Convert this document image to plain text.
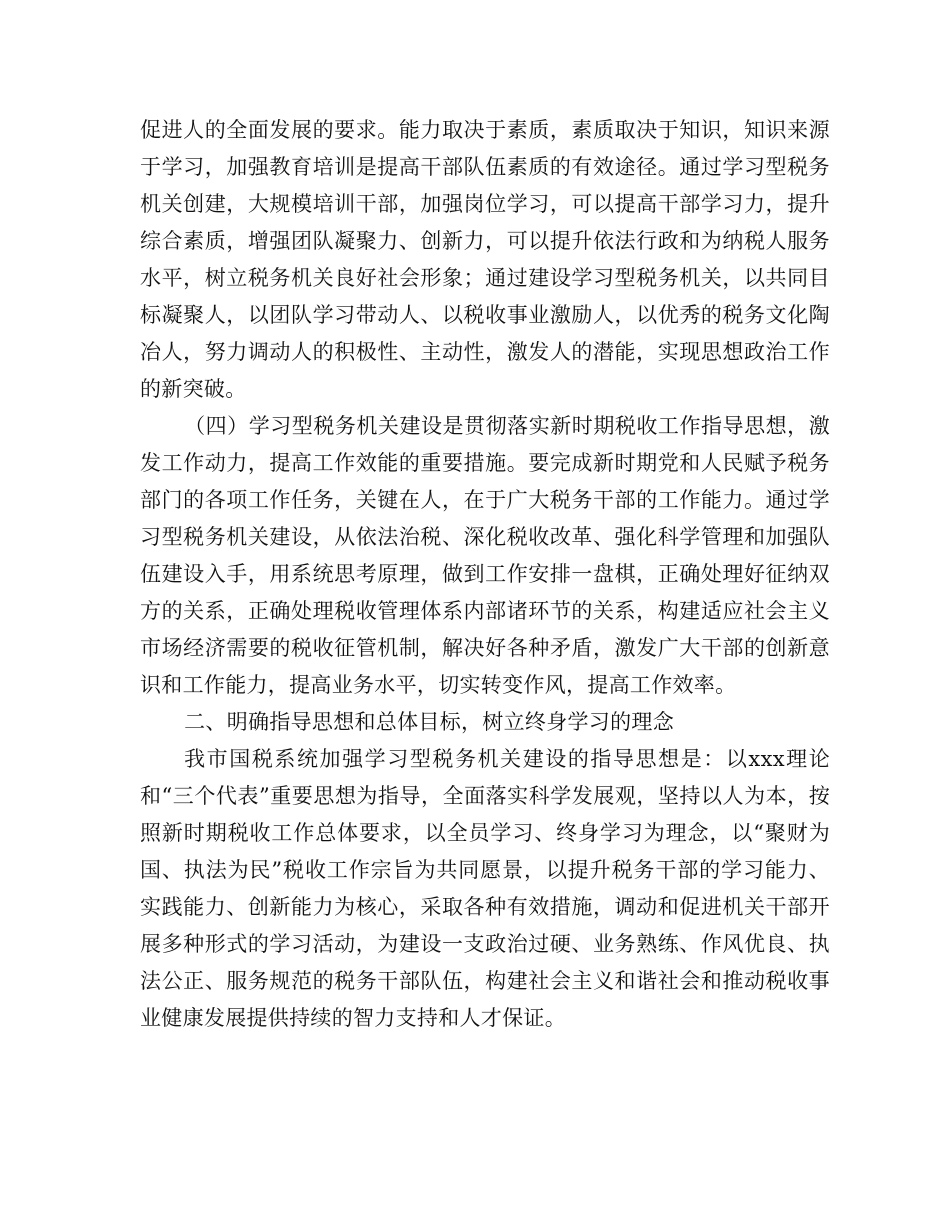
促进人的全面发展的要求。能力取决于素质，素质取决于知识，知识来源于学习，加强教育培训是提高干部队伍素质的有效途径。通过学习型税务机关创建，大规模培训干部，加强岗位学习，可以提高干部学习力，提升综合素质，增强团队凝聚力、创新力，可以提升依法行政和为纳税人服务水平，树立税务机关良好社会形象；通过建设学习型税务机关，以共同目标凝聚人，以团队学习带动人、以税收事业激励人，以优秀的税务文化陶冶人，努力调动人的积极性、主动性，激发人的潜能，实现思想政治工作的新突破。

（四）学习型税务机关建设是贯彻落实新时期税收工作指导思想，激发工作动力，提高工作效能的重要措施。要完成新时期党和人民赋予税务部门的各项工作任务，关键在人，在于广大税务干部的工作能力。通过学习型税务机关建设，从依法治税、深化税收改革、强化科学管理和加强队伍建设入手，用系统思考原理，做到工作安排一盘棋，正确处理好征纳双方的关系，正确处理税收管理体系内部诸环节的关系，构建适应社会主义市场经济需要的税收征管机制，解决好各种矛盾，激发广大干部的创新意识和工作能力，提高业务水平，切实转变作风，提高工作效率。

二、明确指导思想和总体目标，树立终身学习的理念

我市国税系统加强学习型税务机关建设的指导思想是：以xxx理论和“三个代表”重要思想为指导，全面落实科学发展观，坚持以人为本，按照新时期税收工作总体要求，以全员学习、终身学习为理念，以“聚财为国、执法为民”税收工作宗旨为共同愿景，以提升税务干部的学习能力、实践能力、创新能力为核心，采取各种有效措施，调动和促进机关干部开展多种形式的学习活动，为建设一支政治过硬、业务熟练、作风优良、执法公正、服务规范的税务干部队伍，构建社会主义和谐社会和推动税收事业健康发展提供持续的智力支持和人才保证。
